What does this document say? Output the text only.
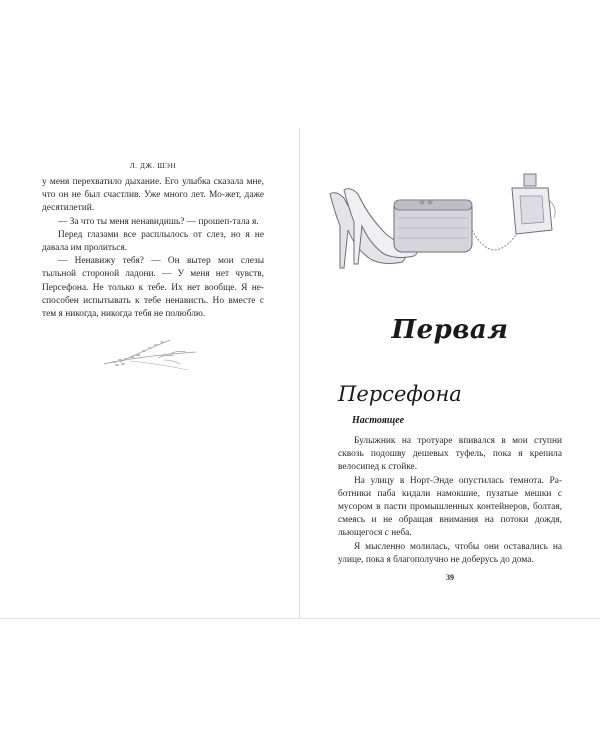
Л. ДЖ. ШЭН

у меня перехватило дыхание. Его улыбка сказала мне, что он не был счастлив. Уже много лет. Мо-жет, даже десятилетий.

— За что ты меня ненавидишь? — прошеп-тала я.

Перед глазами все расплылось от слез, но я не давала им пролиться.

— Ненавижу тебя? — Он вытер мои слезы тыльной стороной ладони. — У меня нет чувств, Персефона. Не только к тебе. Их нет вообще. Я не-способен испытывать к тебе ненависть. Но вместе с тем я никогда, никогда тебя не полюблю.

Первая
Персефона
Настоящее

Булыжник на тротуаре впивался в мои ступни сквозь подошву дешевых туфель, пока я крепила велосипед к стойке.

На улицу в Норт-Энде опустилась темнота. Ра-ботники паба кидали намокшие, пузатые мешки с мусором в пасти промышленных контейнеров, болтая, смеясь и не обращая внимания на потоки дождя, льющегося с неба.

Я мысленно молилась, чтобы они оставались на улице, пока я благополучно не доберусь до дома.

39
